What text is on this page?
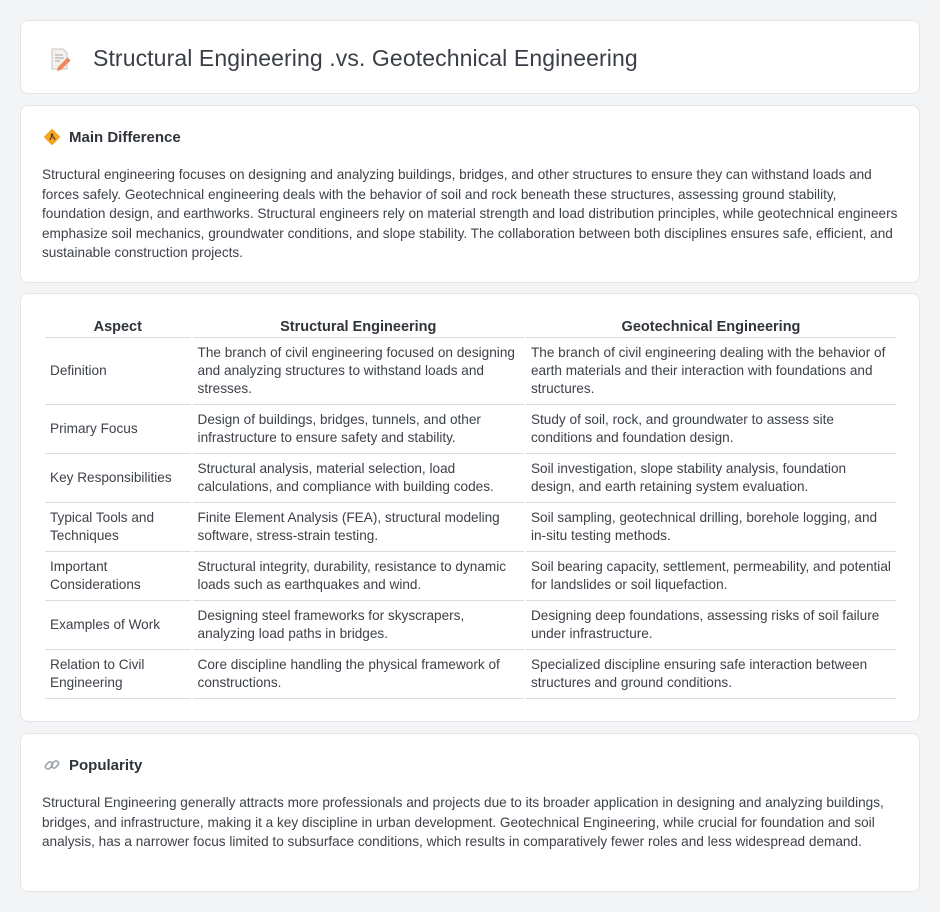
Structural Engineering .vs. Geotechnical Engineering
Main Difference

Structural engineering focuses on designing and analyzing buildings, bridges, and other structures to ensure they can withstand loads and forces safely. Geotechnical engineering deals with the behavior of soil and rock beneath these structures, assessing ground stability, foundation design, and earthworks. Structural engineers rely on material strength and load distribution principles, while geotechnical engineers emphasize soil mechanics, groundwater conditions, and slope stability. The collaboration between both disciplines ensures safe, efficient, and sustainable construction projects.

Aspect	Structural Engineering	Geotechnical Engineering
Definition	The branch of civil engineering focused on designing and analyzing structures to withstand loads and stresses.	The branch of civil engineering dealing with the behavior of earth materials and their interaction with foundations and structures.
Primary Focus	Design of buildings, bridges, tunnels, and other infrastructure to ensure safety and stability.	Study of soil, rock, and groundwater to assess site conditions and foundation design.
Key Responsibilities	Structural analysis, material selection, load calculations, and compliance with building codes.	Soil investigation, slope stability analysis, foundation design, and earth retaining system evaluation.
Typical Tools and Techniques	Finite Element Analysis (FEA), structural modeling software, stress-strain testing.	Soil sampling, geotechnical drilling, borehole logging, and in-situ testing methods.
Important Considerations	Structural integrity, durability, resistance to dynamic loads such as earthquakes and wind.	Soil bearing capacity, settlement, permeability, and potential for landslides or soil liquefaction.
Examples of Work	Designing steel frameworks for skyscrapers, analyzing load paths in bridges.	Designing deep foundations, assessing risks of soil failure under infrastructure.
Relation to Civil Engineering	Core discipline handling the physical framework of constructions.	Specialized discipline ensuring safe interaction between structures and ground conditions.
Popularity

Structural Engineering generally attracts more professionals and projects due to its broader application in designing and analyzing buildings, bridges, and infrastructure, making it a key discipline in urban development. Geotechnical Engineering, while crucial for foundation and soil analysis, has a narrower focus limited to subsurface conditions, which results in comparatively fewer roles and less widespread demand.
